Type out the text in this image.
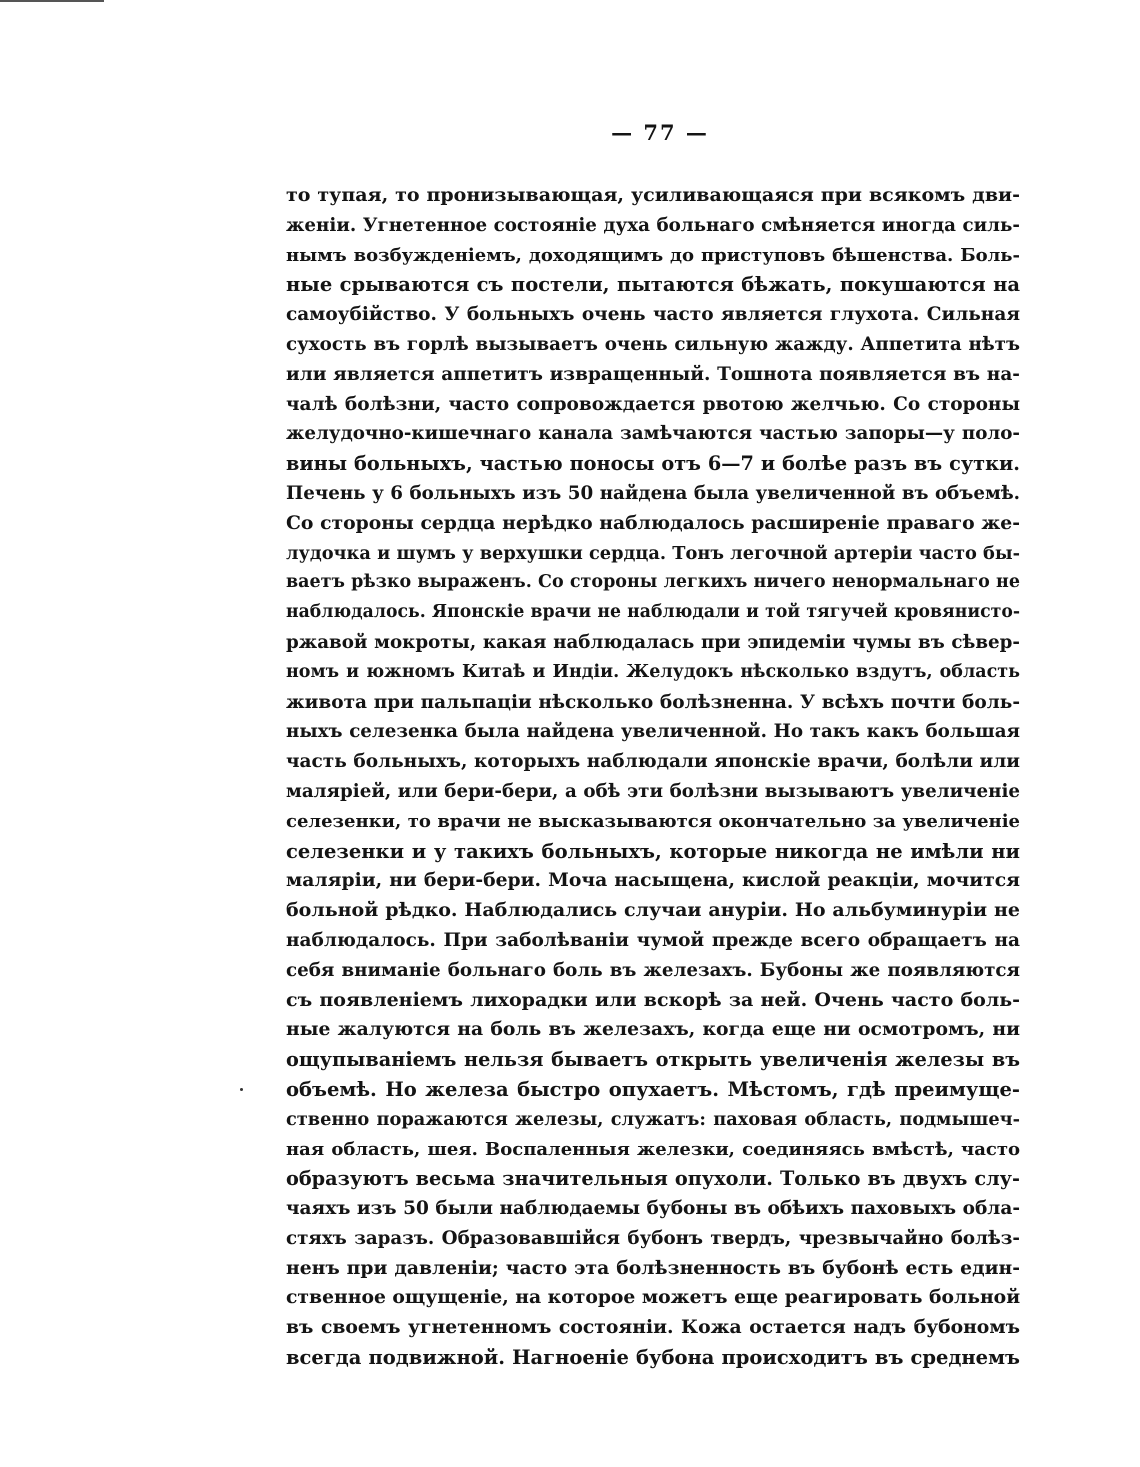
— 77 —
то тупая, то пронизывающая, усиливающаяся при всякомъ дви-
женіи. Угнетенное состояніе духа больнаго смѣняется иногда силь-
нымъ возбужденіемъ, доходящимъ до приступовъ бѣшенства. Боль-
ные срываются съ постели, пытаются бѣжать, покушаются на
самоубійство. У больныхъ очень часто является глухота. Сильная
сухость въ горлѣ вызываетъ очень сильную жажду. Аппетита нѣтъ
или является аппетитъ извращенный. Тошнота появляется въ на-
чалѣ болѣзни, часто сопровождается рвотою желчью. Со стороны
желудочно-кишечнаго канала замѣчаются частью запоры—у поло-
вины больныхъ, частью поносы отъ 6—7 и болѣе разъ въ сутки.
Печень у 6 больныхъ изъ 50 найдена была увеличенной въ объемѣ.
Со стороны сердца нерѣдко наблюдалось расширеніе праваго же-
лудочка и шумъ у верхушки сердца. Тонъ легочной артеріи часто бы-
ваетъ рѣзко выраженъ. Со стороны легкихъ ничего ненормальнаго не
наблюдалось. Японскіе врачи не наблюдали и той тягучей кровянисто-
ржавой мокроты, какая наблюдалась при эпидеміи чумы въ сѣвер-
номъ и южномъ Китаѣ и Индіи. Желудокъ нѣсколько вздутъ, область
живота при пальпаціи нѣсколько болѣзненна. У всѣхъ почти боль-
ныхъ селезенка была найдена увеличенной. Но такъ какъ большая
часть больныхъ, которыхъ наблюдали японскіе врачи, болѣли или
маляріей, или бери-бери, а обѣ эти болѣзни вызываютъ увеличеніе
селезенки, то врачи не высказываются окончательно за увеличеніе
селезенки и у такихъ больныхъ, которые никогда не имѣли ни
маляріи, ни бери-бери. Моча насыщена, кислой реакціи, мочится
больной рѣдко. Наблюдались случаи ануріи. Но альбуминуріи не
наблюдалось. При заболѣваніи чумой прежде всего обращаетъ на
себя вниманіе больнаго боль въ железахъ. Бубоны же появляются
съ появленіемъ лихорадки или вскорѣ за ней. Очень часто боль-
ные жалуются на боль въ железахъ, когда еще ни осмотромъ, ни
ощупываніемъ нельзя бываетъ открыть увеличенія железы въ
объемѣ. Но железа быстро опухаетъ. Мѣстомъ, гдѣ преимуще-
ственно поражаются железы, служатъ: паховая область, подмышеч-
ная область, шея. Воспаленныя железки, соединяясь вмѣстѣ, часто
образуютъ весьма значительныя опухоли. Только въ двухъ слу-
чаяхъ изъ 50 были наблюдаемы бубоны въ обѣихъ паховыхъ обла-
стяхъ заразъ. Образовавшійся бубонъ твердъ, чрезвычайно болѣз-
ненъ при давленіи; часто эта болѣзненность въ бубонѣ есть един-
ственное ощущеніе, на которое можетъ еще реагировать больной
въ своемъ угнетенномъ состояніи. Кожа остается надъ бубономъ
всегда подвижной. Нагноеніе бубона происходитъ въ среднемъ
